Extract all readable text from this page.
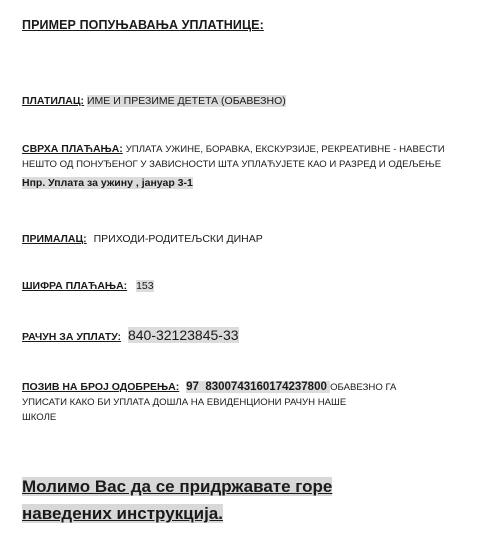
ПРИМЕР ПОПУЊАВАЊА УПЛАТНИЦЕ:
ПЛАТИЛАЦ: ИМЕ И ПРЕЗИМЕ ДЕТЕТА (ОБАВЕЗНО)
СВРХА ПЛАЋАЊА: УПЛАТА УЖИНЕ, БОРАВКА, ЕКСКУРЗИЈЕ, РЕКРЕАТИВНЕ - НАВЕСТИ
НЕШТО ОД ПОНУЂЕНОГ У ЗАВИСНОСТИ ШТА УПЛАЋУЈЕТЕ КАО И РАЗРЕД И ОДЕЉЕЊЕ
Нпр. Уплата за ужину , јануар 3-1
ПРИМАЛАЦ: ПРИХОДИ-РОДИТЕЉСКИ ДИНАР
ШИФРА ПЛАЋАЊА: 153
РАЧУН ЗА УПЛАТУ: 840-32123845-33
ПОЗИВ НА БРОЈ ОДОБРЕЊА: 97 8300743160174237800 ОБАВЕЗНО ГА
УПИСАТИ КАКО БИ УПЛАТА ДОШЛА НА ЕВИДЕНЦИОНИ РАЧУН НАШЕ
ШКОЛЕ
Молимо Вас да се придржавате горе
наведених инструкција.
